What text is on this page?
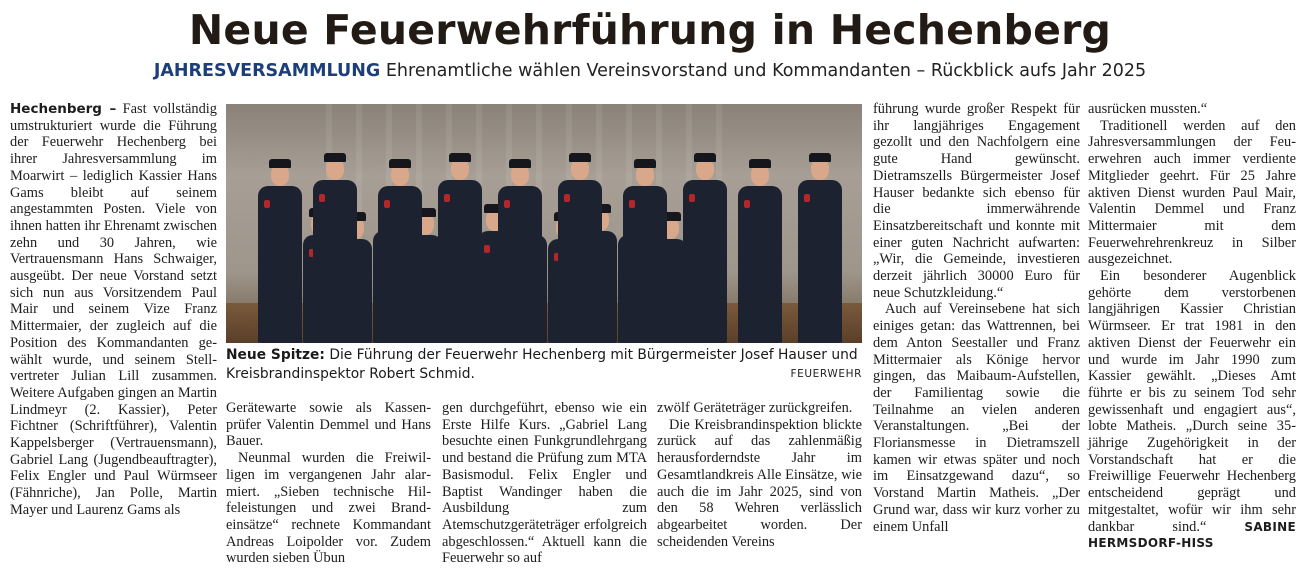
Neue Feuerwehrführung in Hechenberg
JAHRESVERSAMMLUNG Ehrenamtliche wählen Vereinsvorstand und Kommandanten – Rückblick aufs Jahr 2025

Hechenberg – Fast vollständig umstrukturiert wurde die Führung der Feuerwehr Hechenberg bei ihrer Jahresversammlung im Moarwirt – lediglich Kassier Hans Gams bleibt auf seinem angestammten Posten. Viele von ihnen hatten ihr Ehrenamt zwischen zehn und 30 Jahren, wie Vertrauensmann Hans Schwaiger, ausgeübt. Der neue Vorstand setzt sich nun aus Vorsitzendem Paul Mair und seinem Vize Franz Mittermaier, der zugleich auf die Position des Kommandanten gewählt wurde, und seinem Stellvertreter Julian Lill zusammen. Weitere Aufgaben gingen an Martin Lindmeyr (2. Kassier), Peter Fichtner (Schriftführer), Valentin Kappelsberger (Vertrauensmann), Gabriel Lang (Jugendbeauftragter), Felix Engler und Paul Würmseer (Fähnriche), Jan Polle, Martin Mayer und Laurenz Gams als

Neue Spitze: Die Führung der Feuerwehr Hechenberg mit Bürgermeister Josef Hauser und Kreisbrandinspektor Robert Schmid.	FEUERWEHR

Gerätewarte sowie als Kassenprüfer Valentin Demmel und Hans Bauer.

Neunmal wurden die Freiwilligen im vergangenen Jahr alarmiert. „Sieben technische Hilfeleistungen und zwei Brandeinsätze“ rechnete Kommandant Andreas Loipolder vor. Zudem wurden sieben Übun

gen durchgeführt, ebenso wie ein Erste Hilfe Kurs. „Gabriel Lang besuchte einen Funkgrundlehrgang und bestand die Prüfung zum MTA Basismodul. Felix Engler und Baptist Wandinger haben die Ausbildung zum Atemschutzgeräteträger erfolgreich abgeschlossen.“ Aktuell kann die Feuerwehr so auf

zwölf Geräteträger zurückgreifen.

Die Kreisbrandinspektion blickte zurück auf das zahlenmäßig herausforderndste Jahr im Gesamtlandkreis Alle Einsätze, wie auch die im Jahr 2025, sind von den 58 Wehren verlässlich abgearbeitet worden. Der scheidenden Vereins

führung wurde großer Respekt für ihr langjähriges Engagement gezollt und den Nachfolgern eine gute Hand gewünscht. Dietramszells Bürgermeister Josef Hauser bedankte sich ebenso für die immerwährende Einsatzbereitschaft und konnte mit einer guten Nachricht aufwarten: „Wir, die Gemeinde, investieren derzeit jährlich 30000 Euro für neue Schutzkleidung.“

Auch auf Vereinsebene hat sich einiges getan: das Wattrennen, bei dem Anton Seestaller und Franz Mittermaier als Könige hervor gingen, das Maibaum-Aufstellen, der Familientag sowie die Teilnahme an vielen anderen Veranstaltungen. „Bei der Floriansmesse in Dietramszell kamen wir etwas später und noch im Einsatzgewand dazu“, so Vorstand Martin Matheis. „Der Grund war, dass wir kurz vorher zu einem Unfall

ausrücken mussten.“

Traditionell werden auf den Jahresversammlungen der Feuerwehren auch immer verdiente Mitglieder geehrt. Für 25 Jahre aktiven Dienst wurden Paul Mair, Valentin Demmel und Franz Mittermaier mit dem Feuerwehrehrenkreuz in Silber ausgezeichnet.

Ein besonderer Augenblick gehörte dem verstorbenen langjährigen Kassier Christian Würmseer. Er trat 1981 in den aktiven Dienst der Feuerwehr ein und wurde im Jahr 1990 zum Kassier gewählt. „Dieses Amt führte er bis zu seinem Tod sehr gewissenhaft und engagiert aus“, lobte Matheis. „Durch seine 35-jährige Zugehörigkeit in der Vorstandschaft hat er die Freiwillige Feuerwehr Hechenberg entscheidend geprägt und mitgestaltet, wofür wir ihm sehr dankbar sind.“	SABINE HERMSDORF-HISS
